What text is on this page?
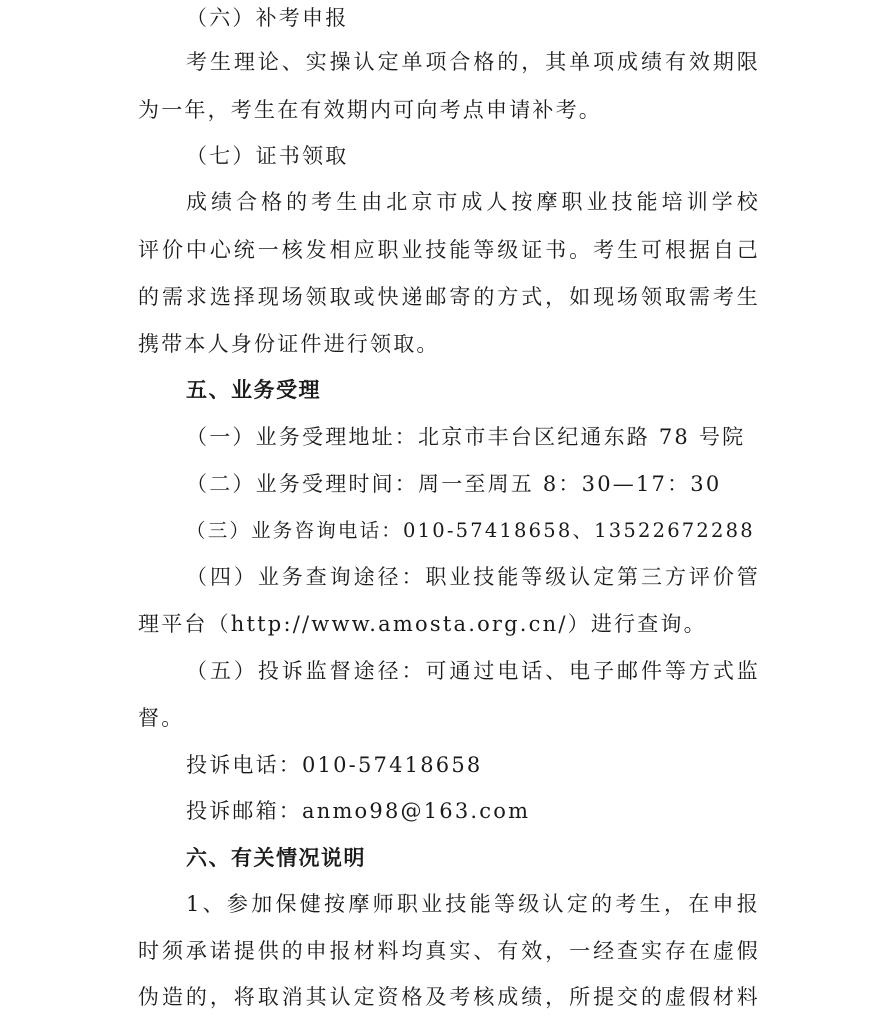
（六）补考申报
考生理论、实操认定单项合格的，其单项成绩有效期限
为一年，考生在有效期内可向考点申请补考。
（七）证书领取
成绩合格的考生由北京市成人按摩职业技能培训学校
评价中心统一核发相应职业技能等级证书。考生可根据自己
的需求选择现场领取或快递邮寄的方式，如现场领取需考生
携带本人身份证件进行领取。
五、业务受理
（一）业务受理地址：北京市丰台区纪通东路 78 号院
（二）业务受理时间：周一至周五 8：30—17：30
（三）业务咨询电话：010-57418658、13522672288
（四）业务查询途径：职业技能等级认定第三方评价管
理平台（http://www.amosta.org.cn/）进行查询。
（五）投诉监督途径：可通过电话、电子邮件等方式监
督。
投诉电话：010-57418658
投诉邮箱：anmo98@163.com
六、有关情况说明
1、参加保健按摩师职业技能等级认定的考生，在申报
时须承诺提供的申报材料均真实、有效，一经查实存在虚假
伪造的，将取消其认定资格及考核成绩，所提交的虚假材料
